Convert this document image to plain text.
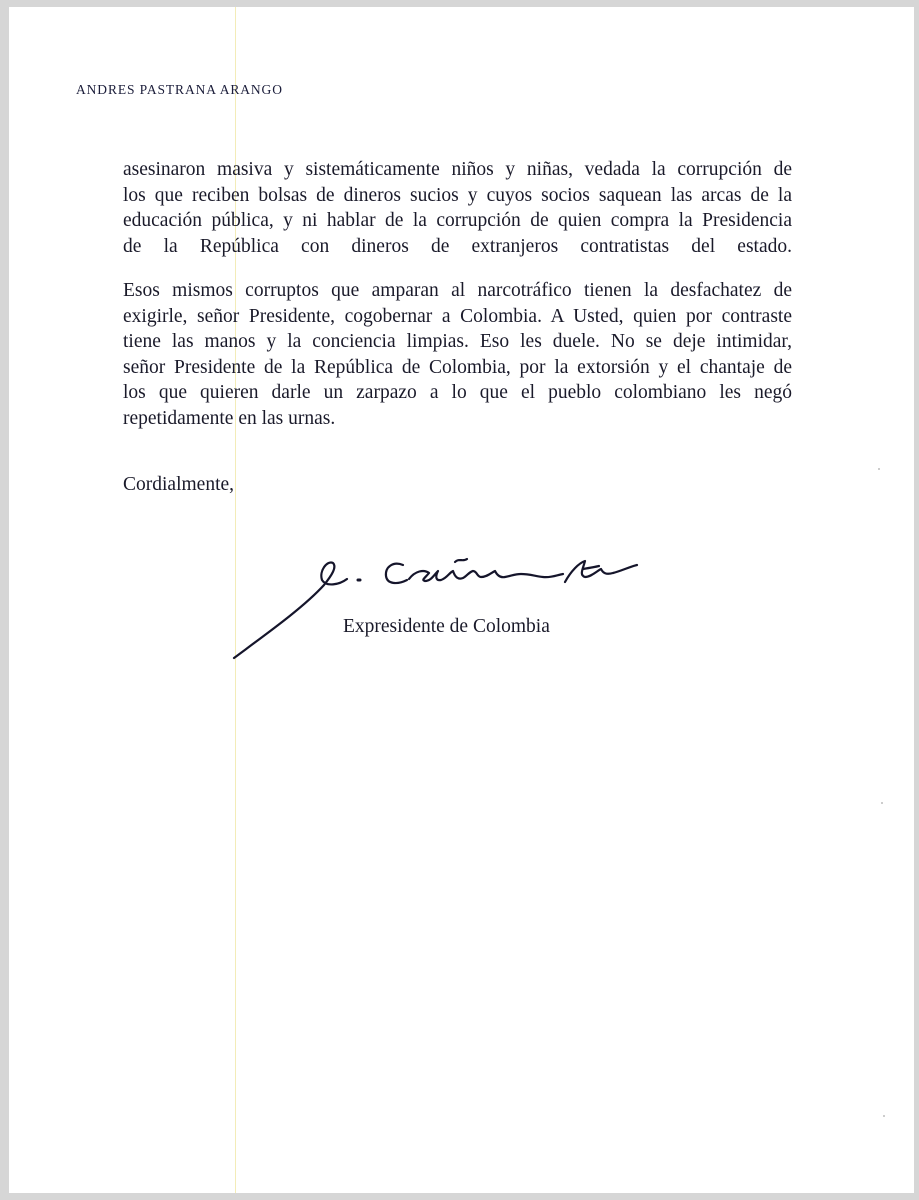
ANDRES PASTRANA ARANGO
asesinaron masiva y sistemáticamente niños y niñas, vedada la corrupción de
los que reciben bolsas de dineros sucios y cuyos socios saquean las arcas de la
educación pública, y ni hablar de la corrupción de quien compra la Presidencia
de la República con dineros de extranjeros contratistas del estado.
Esos mismos corruptos que amparan al narcotráfico tienen la desfachatez de
exigirle, señor Presidente, cogobernar a Colombia. A Usted, quien por contraste
tiene las manos y la conciencia limpias. Eso les duele. No se deje intimidar,
señor Presidente de la República de Colombia, por la extorsión y el chantaje de
los que quieren darle un zarpazo a lo que el pueblo colombiano les negó
repetidamente en las urnas.
Cordialmente,
Expresidente de Colombia
